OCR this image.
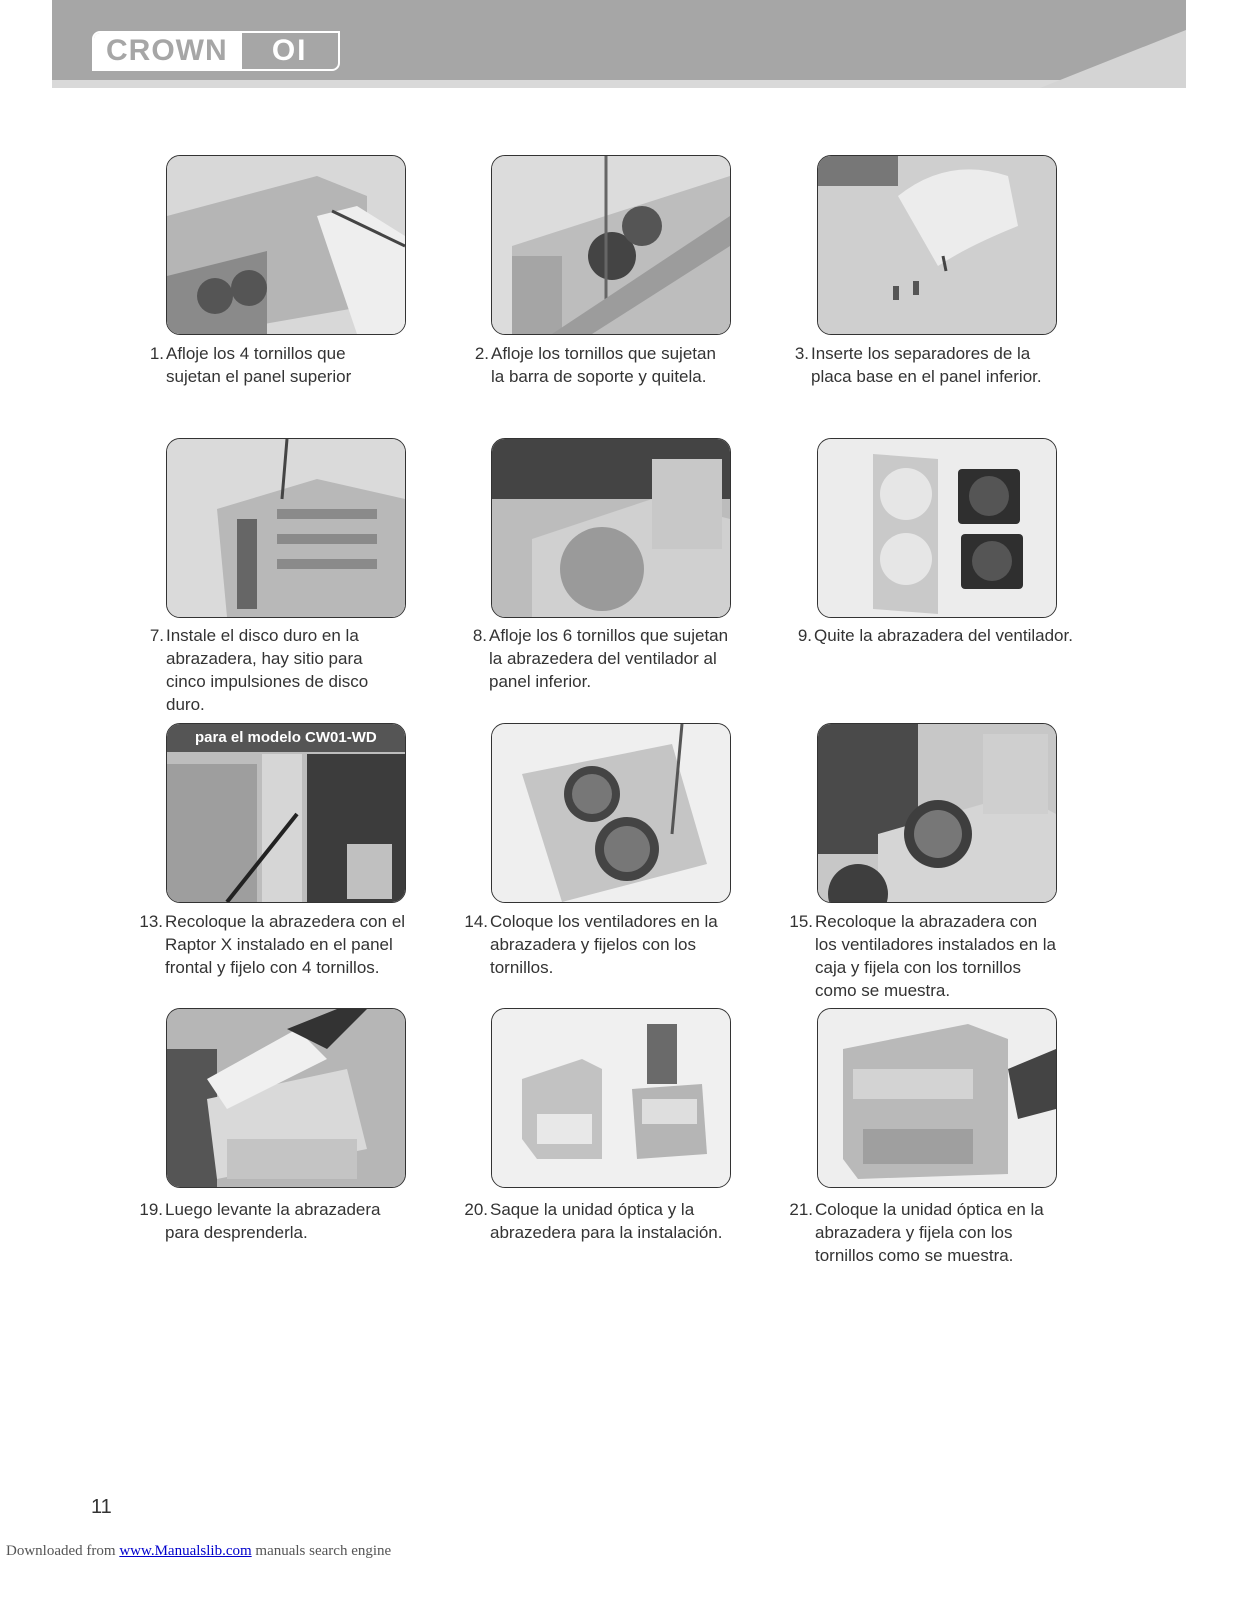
CROWN	OI
1. Afloje los 4 tornillos que
sujetan el panel superior
2. Afloje los tornillos que sujetan
la barra de soporte y quitela.
3. Inserte los separadores de la
placa base en el panel inferior.
7. Instale el disco duro en la
abrazadera, hay sitio para
cinco impulsiones de disco
duro.
8. Afloje los 6 tornillos que sujetan
la abrazedera del ventilador al
panel inferior.
9. Quite la abrazadera del ventilador.
para el modelo CW01-WD
13. Recoloque la abrazedera con el
Raptor X instalado en el panel
frontal y fijelo con 4 tornillos.
14. Coloque los ventiladores en la
abrazadera y fijelos con los
tornillos.
15. Recoloque la abrazadera con
los ventiladores instalados en la
caja y fijela con los tornillos
como se muestra.
19. Luego levante la abrazadera
para desprenderla.
20. Saque la unidad óptica y la
abrazedera para la instalación.
21. Coloque la unidad óptica en la
abrazadera y fijela con los
tornillos como se muestra.
11
Downloaded from www.Manualslib.com manuals search engine
